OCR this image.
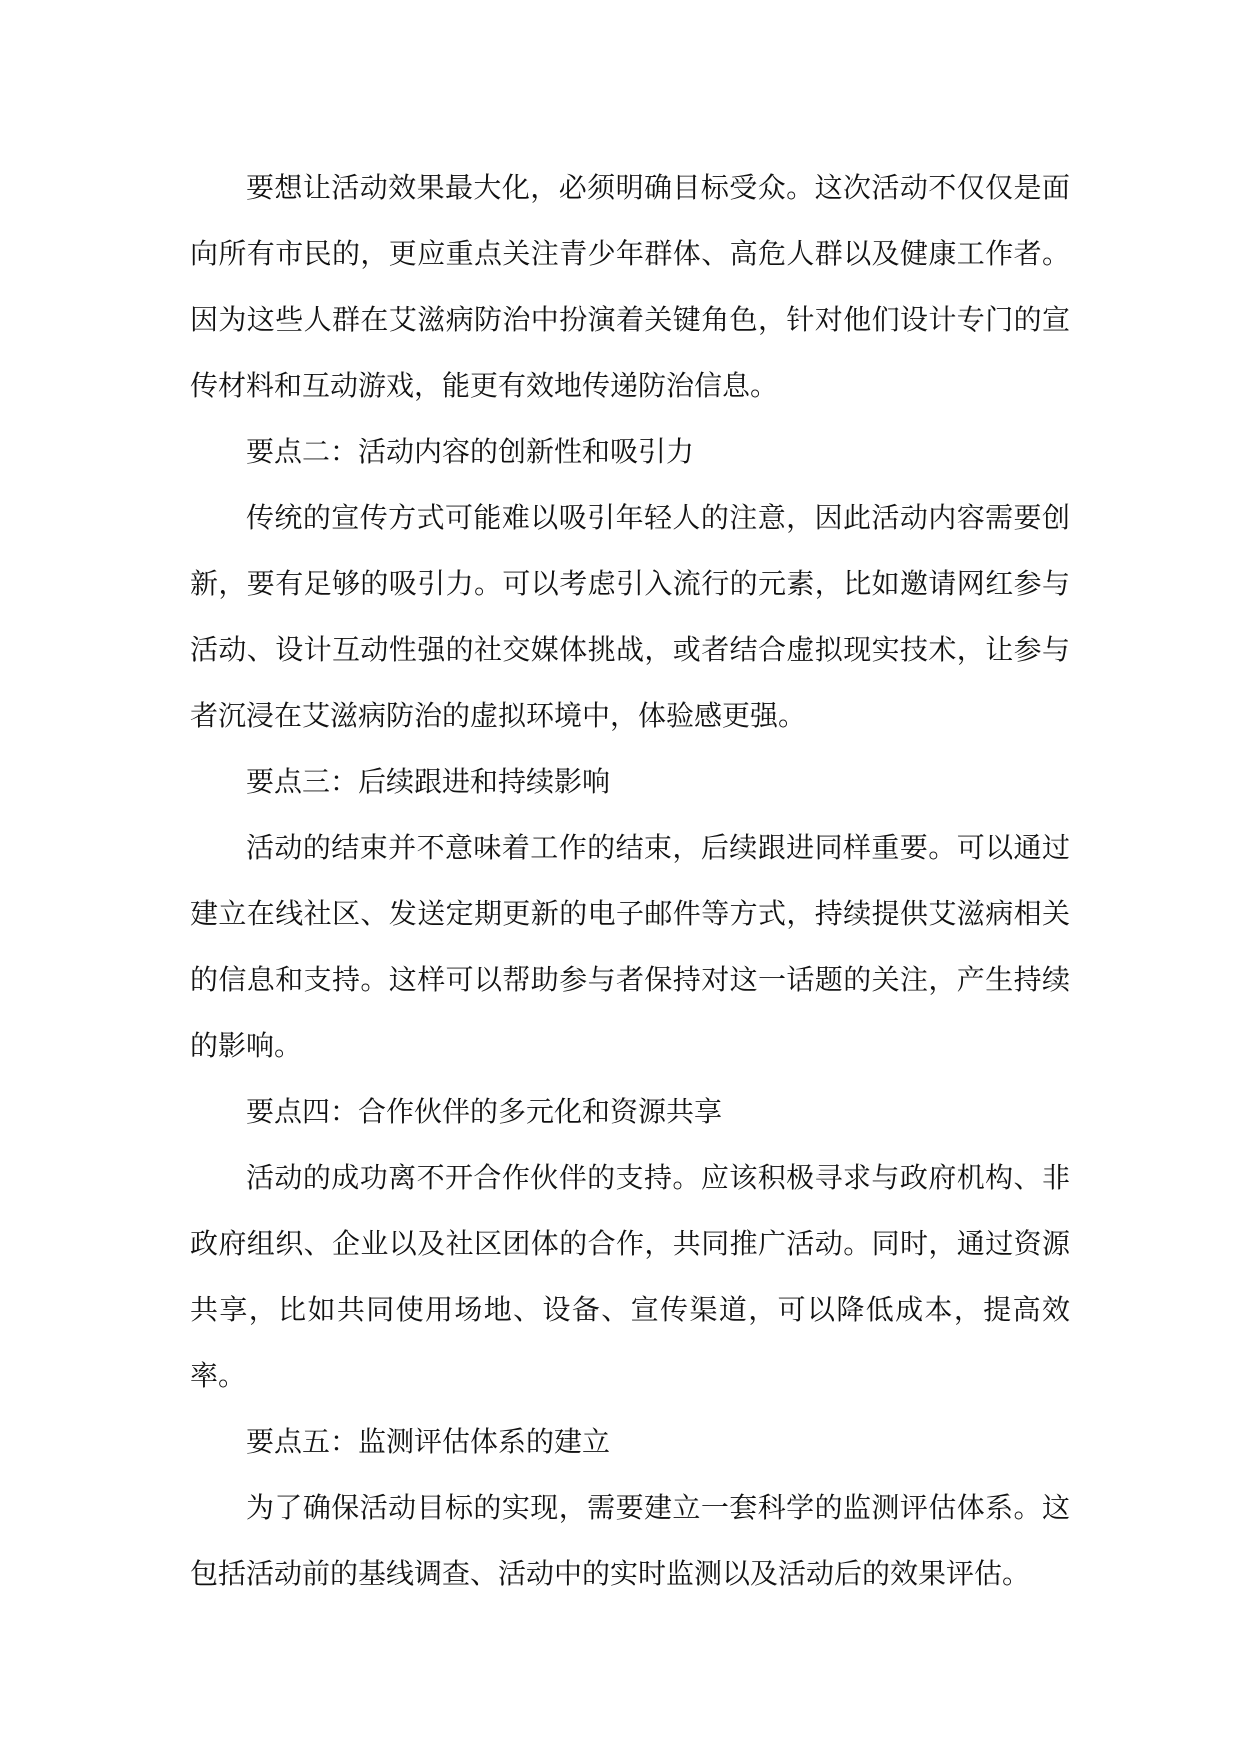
要想让活动效果最大化，必须明确目标受众。这次活动不仅仅是面向所有市民的，更应重点关注青少年群体、高危人群以及健康工作者。因为这些人群在艾滋病防治中扮演着关键角色，针对他们设计专门的宣传材料和互动游戏，能更有效地传递防治信息。

要点二：活动内容的创新性和吸引力

传统的宣传方式可能难以吸引年轻人的注意，因此活动内容需要创新，要有足够的吸引力。可以考虑引入流行的元素，比如邀请网红参与活动、设计互动性强的社交媒体挑战，或者结合虚拟现实技术，让参与者沉浸在艾滋病防治的虚拟环境中，体验感更强。

要点三：后续跟进和持续影响

活动的结束并不意味着工作的结束，后续跟进同样重要。可以通过建立在线社区、发送定期更新的电子邮件等方式，持续提供艾滋病相关的信息和支持。这样可以帮助参与者保持对这一话题的关注，产生持续的影响。

要点四：合作伙伴的多元化和资源共享

活动的成功离不开合作伙伴的支持。应该积极寻求与政府机构、非政府组织、企业以及社区团体的合作，共同推广活动。同时，通过资源共享，比如共同使用场地、设备、宣传渠道，可以降低成本，提高效率。

要点五：监测评估体系的建立

为了确保活动目标的实现，需要建立一套科学的监测评估体系。这包括活动前的基线调查、活动中的实时监测以及活动后的效果评估。
